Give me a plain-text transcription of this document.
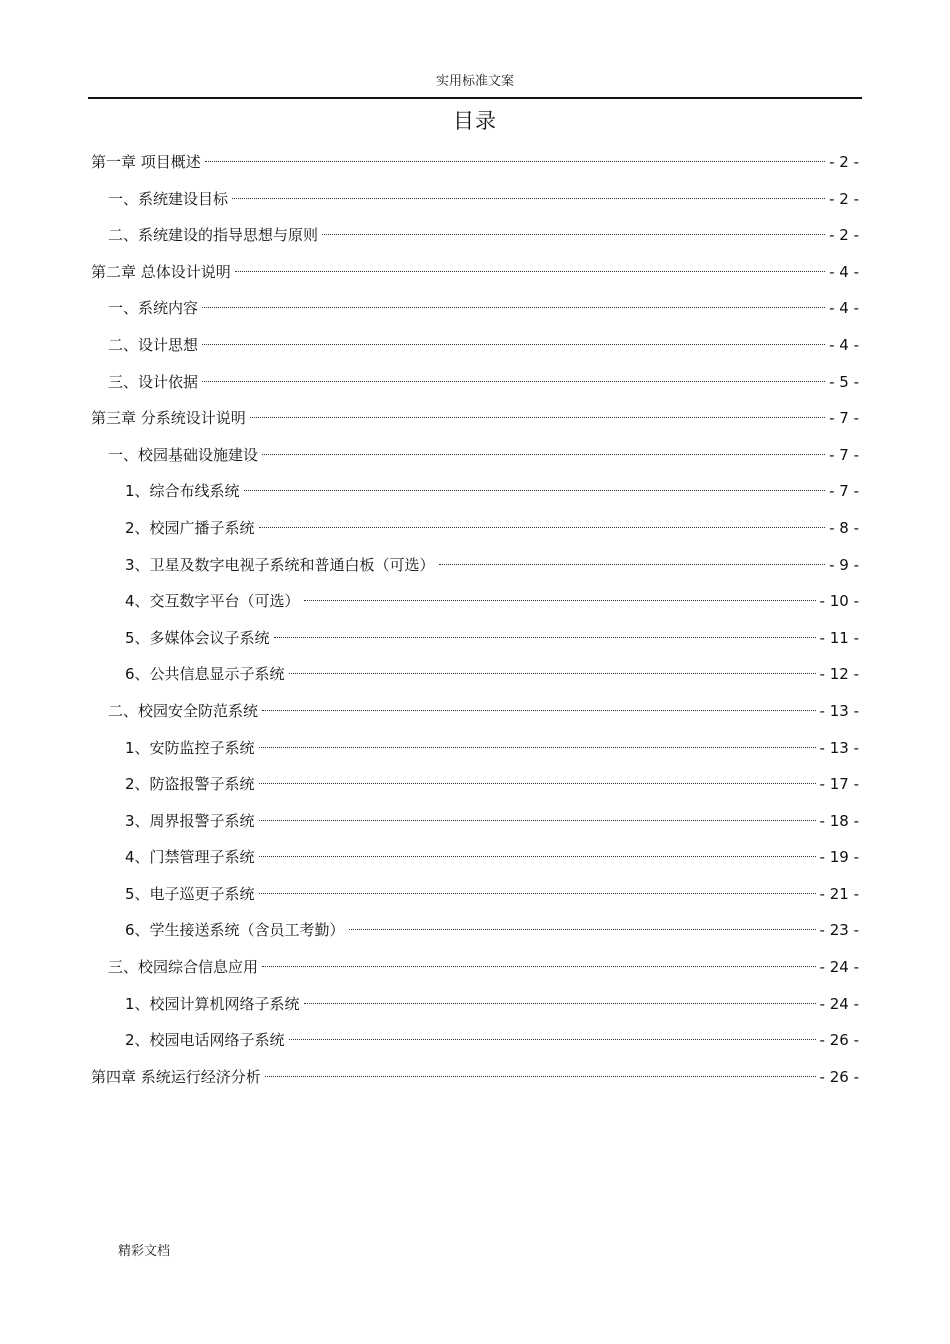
实用标准文案
目录
第一章 项目概述	- 2 -
一、系统建设目标	- 2 -
二、系统建设的指导思想与原则	- 2 -
第二章 总体设计说明	- 4 -
一、系统内容	- 4 -
二、设计思想	- 4 -
三、设计依据	- 5 -
第三章 分系统设计说明	- 7 -
一、校园基础设施建设	- 7 -
1、综合布线系统	- 7 -
2、校园广播子系统	- 8 -
3、卫星及数字电视子系统和普通白板（可选）	- 9 -
4、交互数字平台（可选）	- 10 -
5、多媒体会议子系统	- 11 -
6、公共信息显示子系统	- 12 -
二、校园安全防范系统	- 13 -
1、安防监控子系统	- 13 -
2、防盗报警子系统	- 17 -
3、周界报警子系统	- 18 -
4、门禁管理子系统	- 19 -
5、电子巡更子系统	- 21 -
6、学生接送系统（含员工考勤）	- 23 -
三、校园综合信息应用	- 24 -
1、校园计算机网络子系统	- 24 -
2、校园电话网络子系统	- 26 -
第四章 系统运行经济分析	- 26 -
精彩文档
